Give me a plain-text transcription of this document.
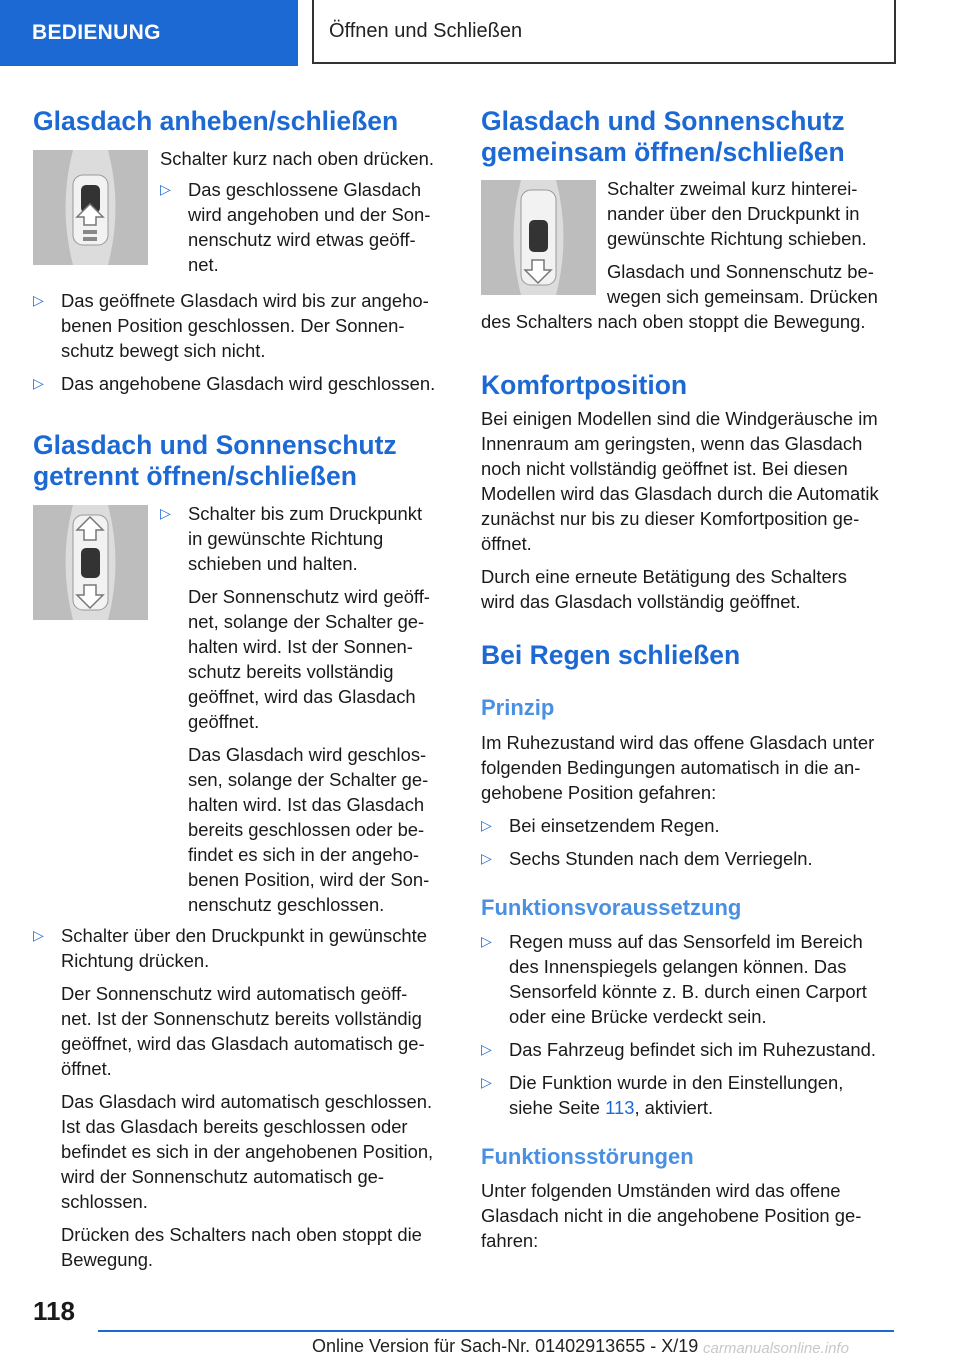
BEDIENUNG	Öffnen und Schließen
Glasdach anheben/schließen

Schalter kurz nach oben drücken.

▷ Das geschlossene Glasdach
wird angehoben und der Son-
nenschutz wird etwas geöff-
net.
▷ Das geöffnete Glasdach wird bis zur angeho-
benen Position geschlossen. Der Sonnen-
schutz bewegt sich nicht.
▷ Das angehobene Glasdach wird geschlossen.
Glasdach und Sonnenschutz
getrennt öffnen/schließen
▷ Schalter bis zum Druckpunkt
in gewünschte Richtung
schieben und halten.
Der Sonnenschutz wird geöff-
net, solange der Schalter ge-
halten wird. Ist der Sonnen-
schutz bereits vollständig
geöffnet, wird das Glasdach
geöffnet.
Das Glasdach wird geschlos-
sen, solange der Schalter ge-
halten wird. Ist das Glasdach
bereits geschlossen oder be-
findet es sich in der angeho-
benen Position, wird der Son-
nenschutz geschlossen.
▷ Schalter über den Druckpunkt in gewünschte
Richtung drücken.
Der Sonnenschutz wird automatisch geöff-
net. Ist der Sonnenschutz bereits vollständig
geöffnet, wird das Glasdach automatisch ge-
öffnet.
Das Glasdach wird automatisch geschlossen.
Ist das Glasdach bereits geschlossen oder
befindet es sich in der angehobenen Position,
wird der Sonnenschutz automatisch ge-
schlossen.
Drücken des Schalters nach oben stoppt die
Bewegung.
Glasdach und Sonnenschutz
gemeinsam öffnen/schließen

Schalter zweimal kurz hinterei-

nander über den Druckpunkt in

gewünschte Richtung schieben.

Glasdach und Sonnenschutz be-

wegen sich gemeinsam. Drücken

des Schalters nach oben stoppt die Bewegung.

Komfortposition

Bei einigen Modellen sind die Windgeräusche im

Innenraum am geringsten, wenn das Glasdach

noch nicht vollständig geöffnet ist. Bei diesen

Modellen wird das Glasdach durch die Automatik

zunächst nur bis zu dieser Komfortposition ge-

öffnet.

Durch eine erneute Betätigung des Schalters

wird das Glasdach vollständig geöffnet.

Bei Regen schließen
Prinzip

Im Ruhezustand wird das offene Glasdach unter

folgenden Bedingungen automatisch in die an-

gehobene Position gefahren:

▷ Bei einsetzendem Regen.
▷ Sechs Stunden nach dem Verriegeln.
Funktionsvoraussetzung
▷ Regen muss auf das Sensorfeld im Bereich
des Innenspiegels gelangen können. Das
Sensorfeld könnte z. B. durch einen Carport
oder eine Brücke verdeckt sein.
▷ Das Fahrzeug befindet sich im Ruhezustand.
▷ Die Funktion wurde in den Einstellungen,
siehe Seite 113, aktiviert.
Funktionsstörungen

Unter folgenden Umständen wird das offene

Glasdach nicht in die angehobene Position ge-

fahren:

118
Online Version für Sach-Nr. 01402913655 - X/19 carmanualsonline.info
